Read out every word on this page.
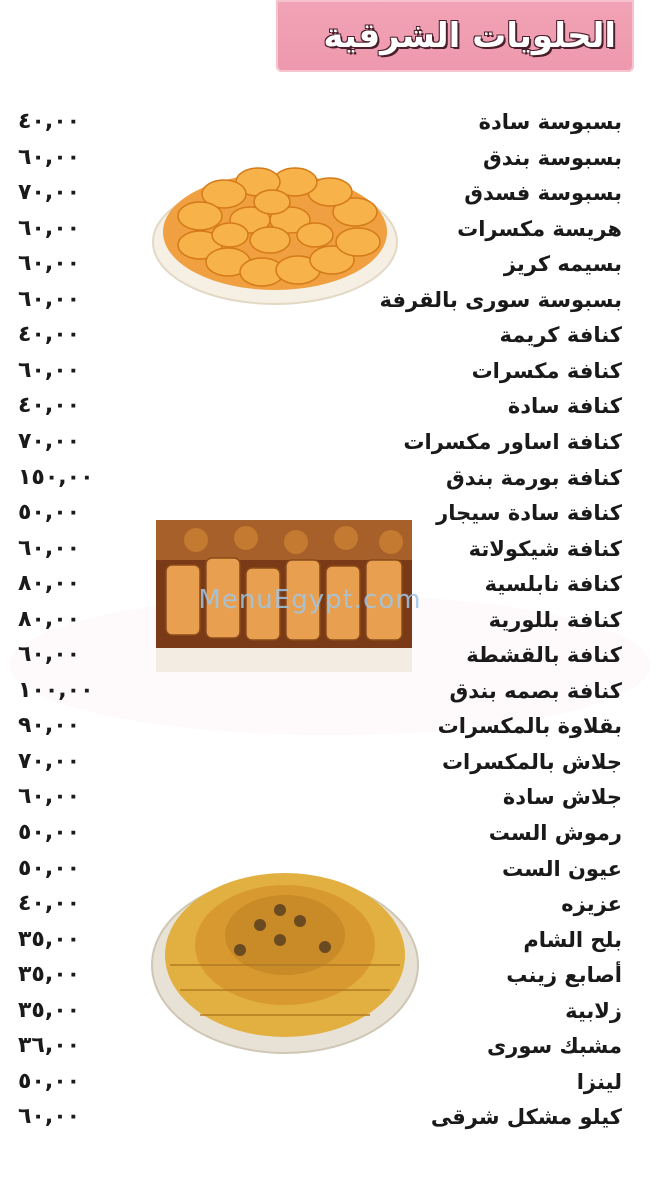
الحلويات الشرقية
MenuEgypt.com
٤٠,٠٠	بسبوسة سادة
٦٠,٠٠	بسبوسة بندق
٧٠,٠٠	بسبوسة فسدق
٦٠,٠٠	هريسة مكسرات
٦٠,٠٠	بسيمه كريز
٦٠,٠٠	بسبوسة سورى بالقرفة
٤٠,٠٠	كنافة كريمة
٦٠,٠٠	كنافة مكسرات
٤٠,٠٠	كنافة سادة
٧٠,٠٠	كنافة اساور مكسرات
١٥٠,٠٠	كنافة بورمة بندق
٥٠,٠٠	كنافة سادة سيجار
٦٠,٠٠	كنافة شيكولاتة
٨٠,٠٠	كنافة نابلسية
٨٠,٠٠	كنافة بللورية
٦٠,٠٠	كنافة بالقشطة
١٠٠,٠٠	كنافة بصمه بندق
٩٠,٠٠	بقلاوة بالمكسرات
٧٠,٠٠	جلاش بالمكسرات
٦٠,٠٠	جلاش سادة
٥٠,٠٠	رموش الست
٥٠,٠٠	عيون الست
٤٠,٠٠	عزيزه
٣٥,٠٠	بلح الشام
٣٥,٠٠	أصابع زينب
٣٥,٠٠	زلابية
٣٦,٠٠	مشبك سورى
٥٠,٠٠	لينزا
٦٠,٠٠	كيلو مشكل شرقى
